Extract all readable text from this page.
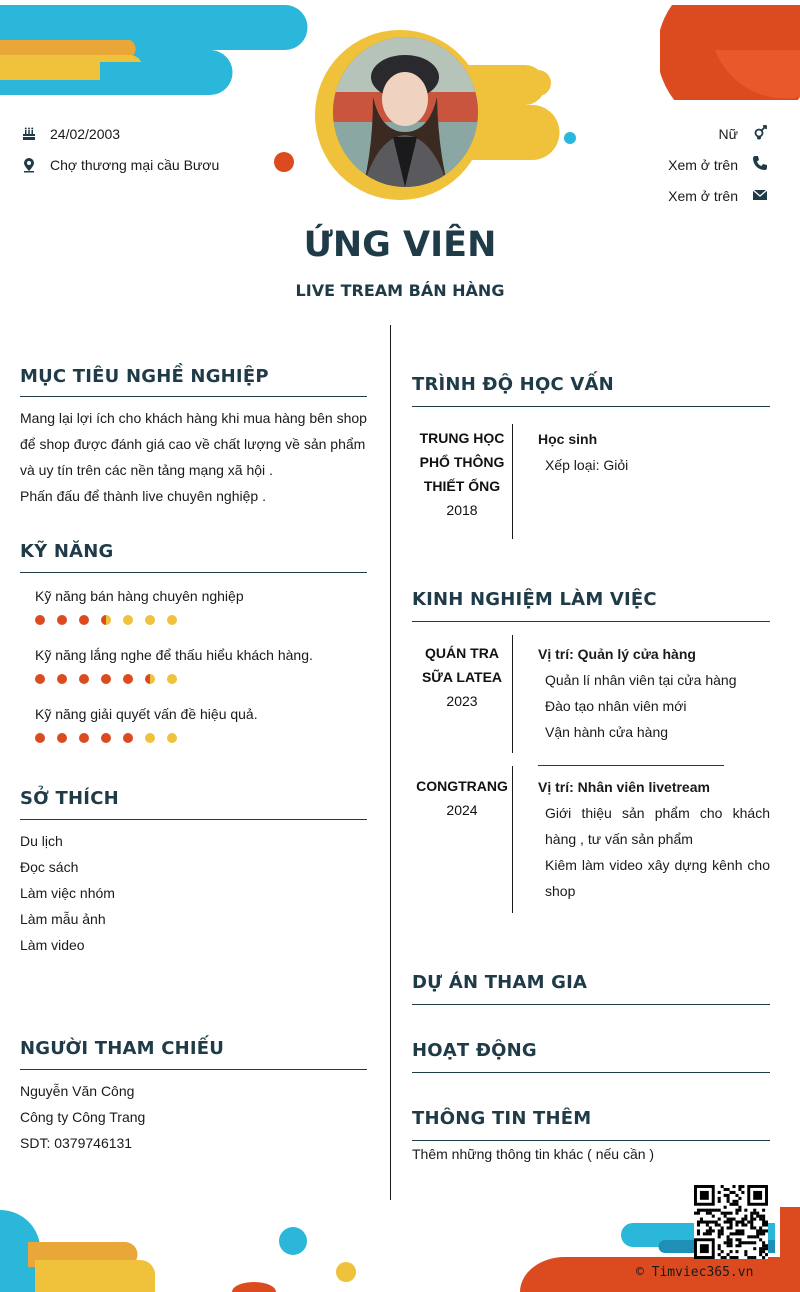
24/02/2003
Chợ thương mại cầu Bươu
Nữ
Xem ở trên
Xem ở trên
ỨNG VIÊN
LIVE TREAM BÁN HÀNG
MỤC TIÊU NGHỀ NGHIỆP
Mang lại lợi ích cho khách hàng khi mua hàng bên shop
để shop được đánh giá cao về chất lượng về sản phẩm
và uy tín trên các nền tảng mạng xã hội .
Phấn đấu để thành live chuyên nghiệp .
KỸ NĂNG
Kỹ năng bán hàng chuyên nghiệp
Kỹ năng lắng nghe để thấu hiểu khách hàng.
Kỹ năng giải quyết vấn đề hiệu quả.
SỞ THÍCH
Du lịch
Đọc sách
Làm việc nhóm
Làm mẫu ảnh
Làm video
NGƯỜI THAM CHIẾU
Nguyễn Văn Công
Công ty Công Trang
SDT: 0379746131
TRÌNH ĐỘ HỌC VẤN
TRUNG HỌC
PHỔ THÔNG
THIẾT ỐNG
2018
Học sinh
Xếp loại: Giỏi
KINH NGHIỆM LÀM VIỆC
QUÁN TRA
SỮA LATEA
2023
Vị trí: Quản lý cửa hàng
Quản lí nhân viên tại cửa hàng
Đào tạo nhân viên mới
Vận hành cửa hàng
CONGTRANG
2024
Vị trí: Nhân viên livetream
Giới thiệu sản phẩm cho khách
hàng , tư vấn sản phẩm
Kiêm làm video xây dựng kênh cho
shop
DỰ ÁN THAM GIA
HOẠT ĐỘNG
THÔNG TIN THÊM
Thêm những thông tin khác ( nếu cần )
© Timviec365.vn
